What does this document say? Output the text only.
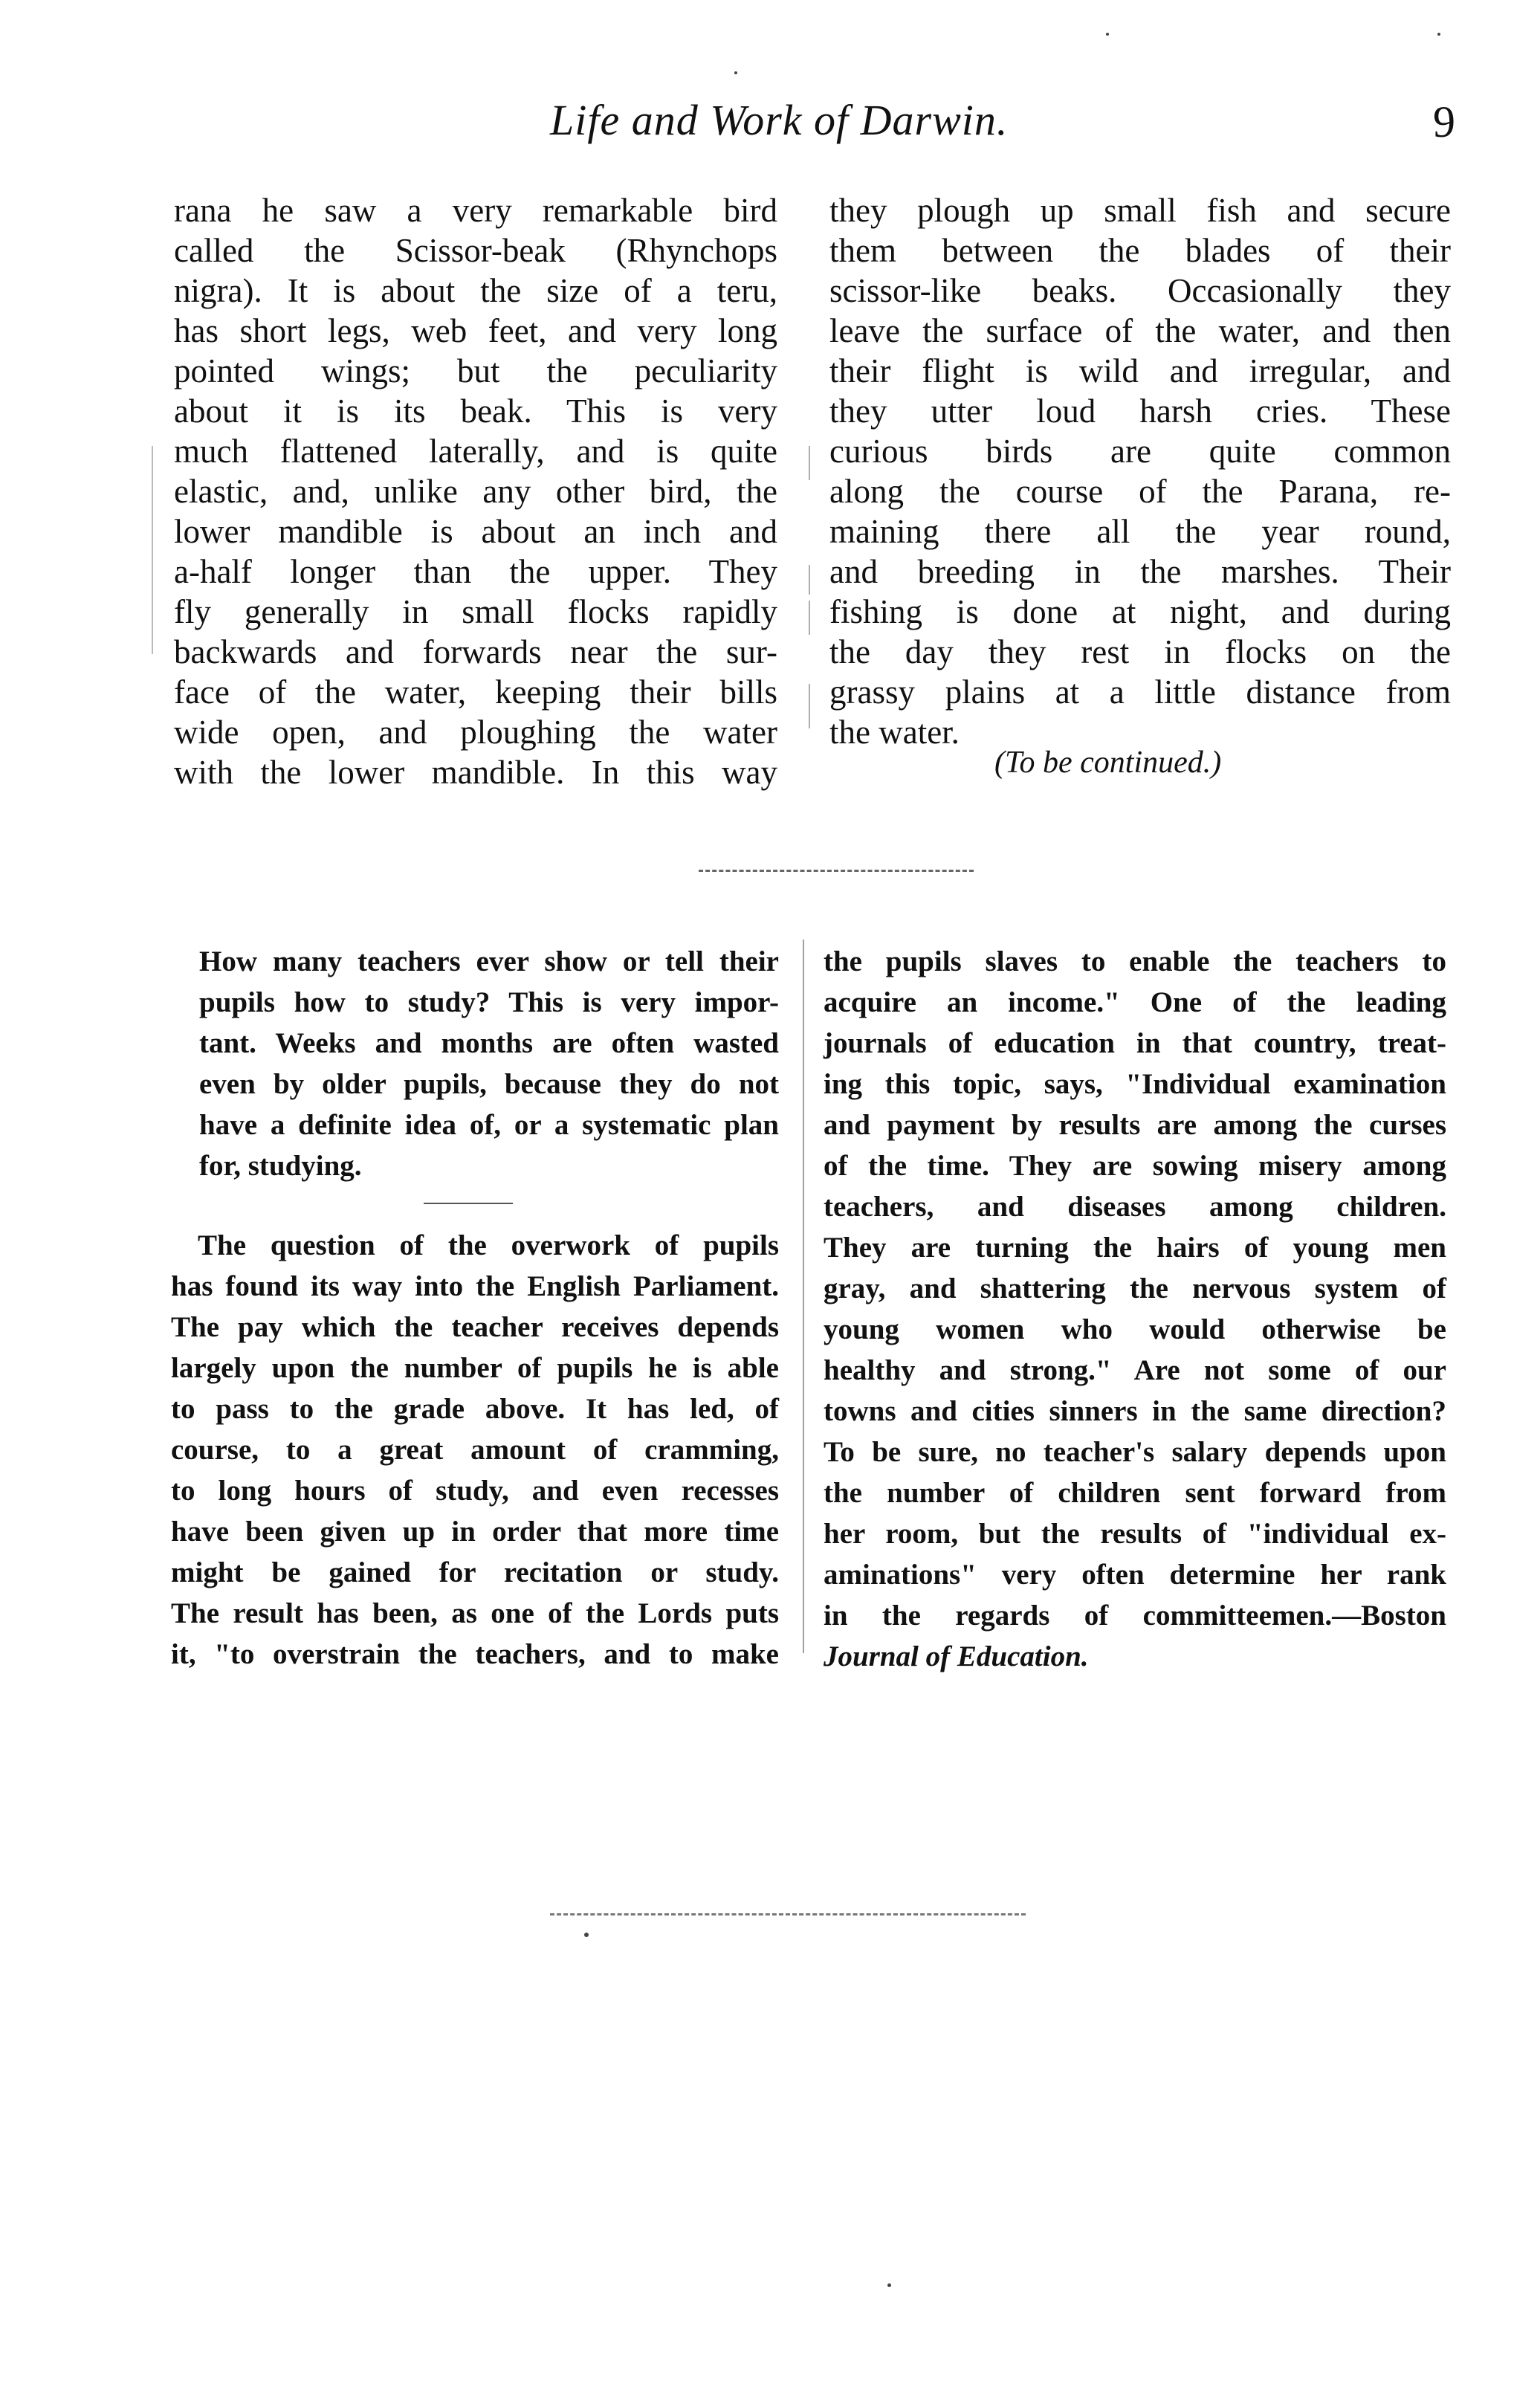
Life and Work of Darwin.	9
rana he saw a very remarkable bird
called the Scissor-beak (Rhynchops
nigra). It is about the size of a teru,
has short legs, web feet, and very long
pointed wings; but the peculiarity
about it is its beak. This is very
much flattened laterally, and is quite
elastic, and, unlike any other bird, the
lower mandible is about an inch and
a-half longer than the upper. They
fly generally in small flocks rapidly
backwards and forwards near the sur-
face of the water, keeping their bills
wide open, and ploughing the water
with the lower mandible. In this way
they plough up small fish and secure
them between the blades of their
scissor-like beaks. Occasionally they
leave the surface of the water, and then
their flight is wild and irregular, and
they utter loud harsh cries. These
curious birds are quite common
along the course of the Parana, re-
maining there all the year round,
and breeding in the marshes. Their
fishing is done at night, and during
the day they rest in flocks on the
grassy plains at a little distance from
the water.
(To be continued.)
How many teachers ever show or tell their
pupils how to study? This is very impor-
tant. Weeks and months are often wasted
even by older pupils, because they do not
have a definite idea of, or a systematic plan
for, studying.
The question of the overwork of pupils
has found its way into the English Parliament.
The pay which the teacher receives depends
largely upon the number of pupils he is able
to pass to the grade above. It has led, of
course, to a great amount of cramming,
to long hours of study, and even recesses
have been given up in order that more time
might be gained for recitation or study.
The result has been, as one of the Lords puts
it, "to overstrain the teachers, and to make
the pupils slaves to enable the teachers to
acquire an income." One of the leading
journals of education in that country, treat-
ing this topic, says, "Individual examination
and payment by results are among the curses
of the time. They are sowing misery among
teachers, and diseases among children.
They are turning the hairs of young men
gray, and shattering the nervous system of
young women who would otherwise be
healthy and strong." Are not some of our
towns and cities sinners in the same direction?
To be sure, no teacher's salary depends upon
the number of children sent forward from
her room, but the results of "individual ex-
aminations" very often determine her rank
in the regards of committeemen.—Boston
Journal of Education.
